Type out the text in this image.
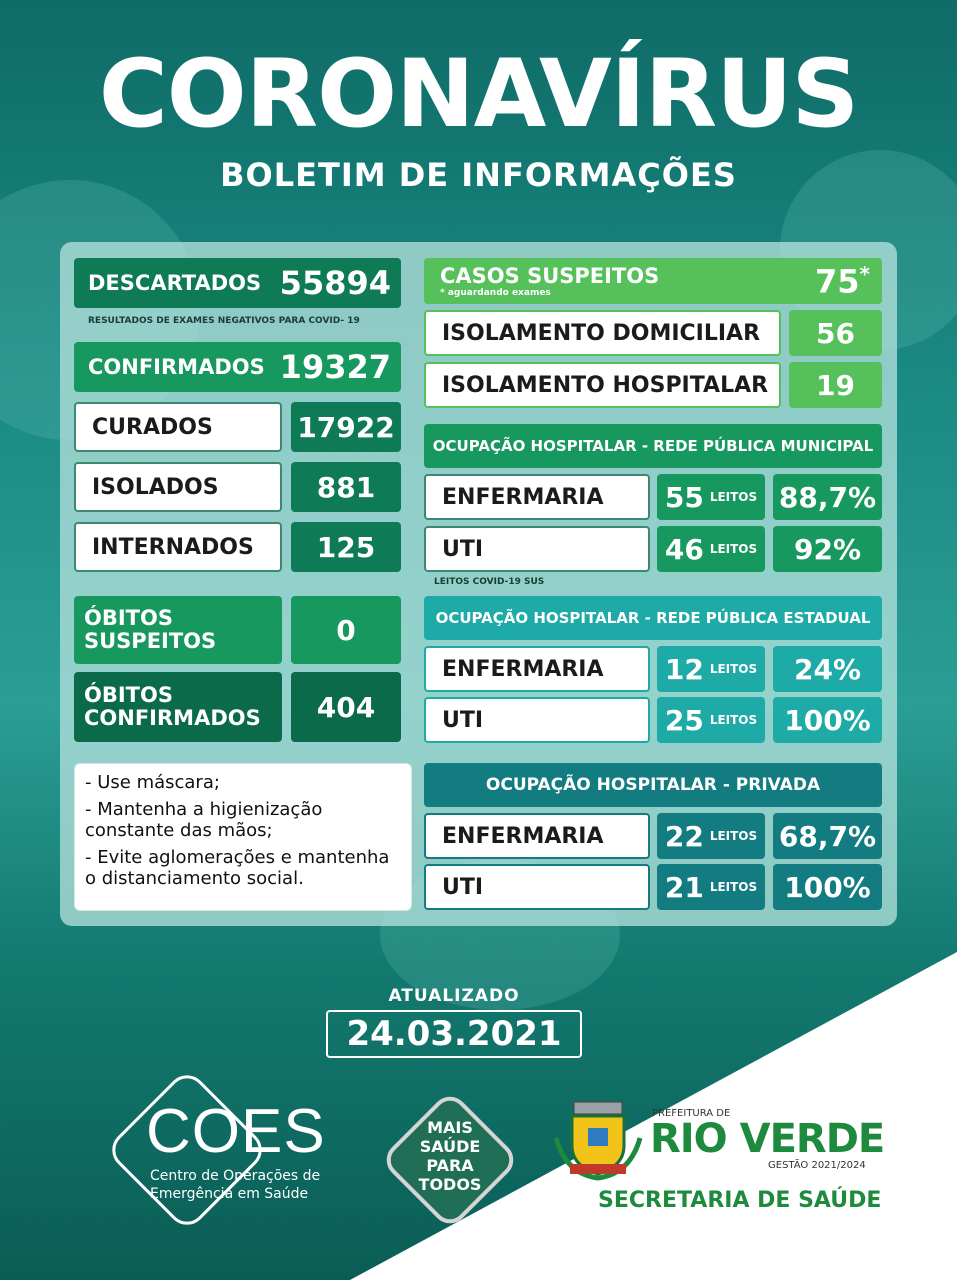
CORONAVÍRUS
BOLETIM DE INFORMAÇÕES
DESCARTADOS 55894
RESULTADOS DE EXAMES NEGATIVOS PARA COVID- 19
CONFIRMADOS 19327
CURADOS	17922
ISOLADOS	881
INTERNADOS 125
ÓBITOS
SUSPEITOS	0
ÓBITOS
CONFIRMADOS 404
- Use máscara;
- Mantenha a higienização constante das mãos;
- Evite aglomerações e mantenha o distanciamento social.
CASOS SUSPEITOS
* aguardando exames	75*
ISOLAMENTO DOMICILIAR 56
ISOLAMENTO HOSPITALAR 19
OCUPAÇÃO HOSPITALAR - REDE PÚBLICA MUNICIPAL
ENFERMARIA 55 LEITOS 88,7%
UTI	46 LEITOS 92%
LEITOS COVID-19 SUS
OCUPAÇÃO HOSPITALAR - REDE PÚBLICA ESTADUAL
ENFERMARIA 12 LEITOS 24%
UTI	25 LEITOS 100%
OCUPAÇÃO HOSPITALAR - PRIVADA
ENFERMARIA 22 LEITOS 68,7%
UTI	21 LEITOS 100%
ATUALIZADO
24.03.2021
COES
Centro de Operações de
Emergência em Saúde
MAIS
SAÚDE
PARA
TODOS
PREFEITURA DE
RIO VERDE
GESTÃO 2021/2024
SECRETARIA DE SAÚDE
